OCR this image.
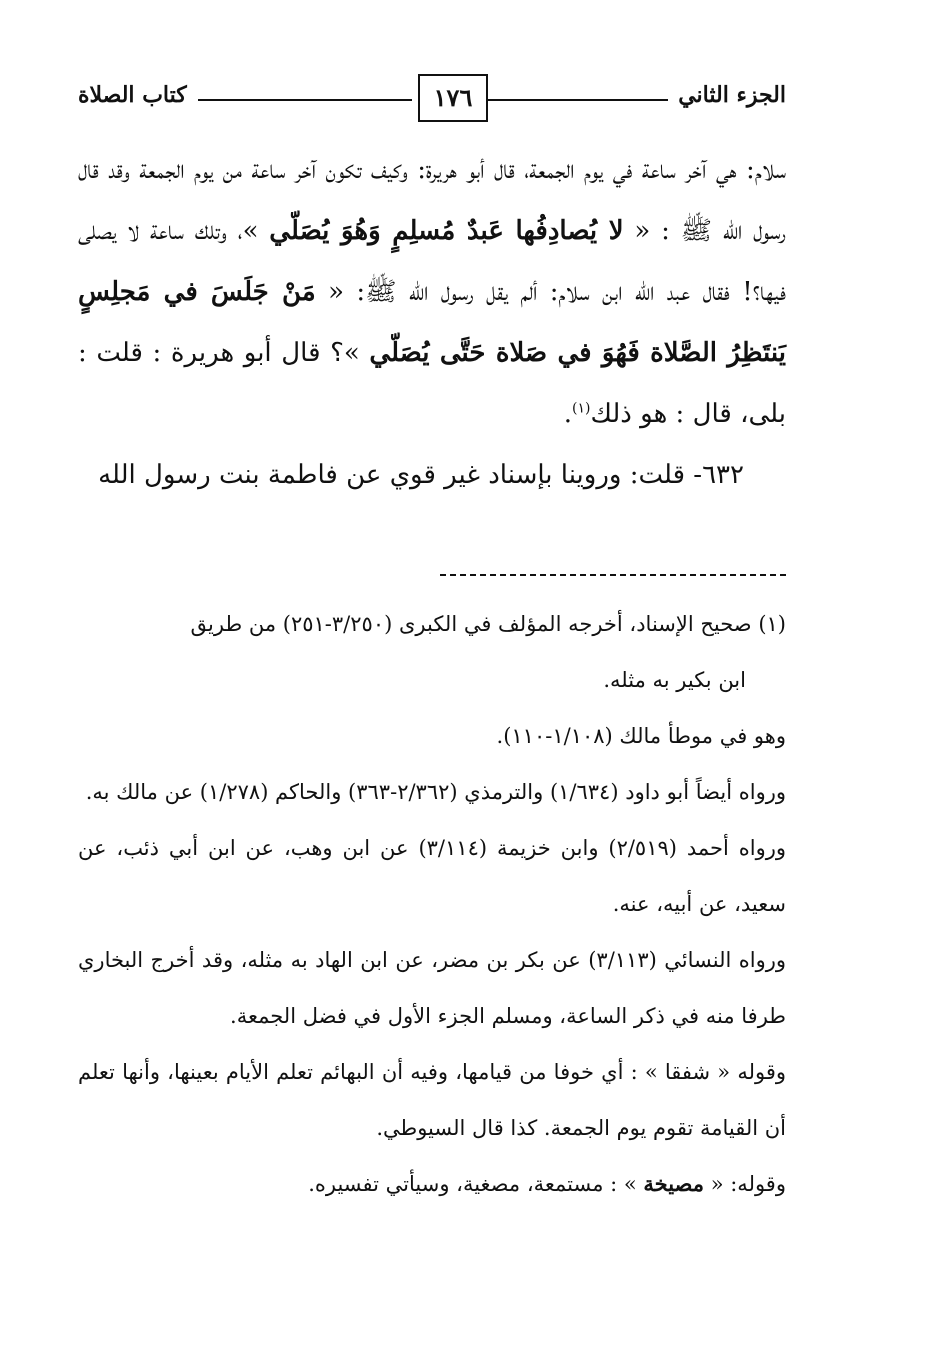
الجزء الثاني
١٧٦
كتاب الصلاة

سلام: هي آخر ساعة في يوم الجمعة، قال أبو هريرة: وكيف تكون آخر ساعة من يوم الجمعة وقد قال رسول الله ﷺ : « لا يُصادِفُها عَبدٌ مُسلِمٍ وَهُوَ يُصَلّي »، وتلك ساعة لا يصلى فيها؟! فقال عبد الله ابن سلام: ألم يقل رسول الله ﷺ: « مَنْ جَلَسَ في مَجلِسٍ يَنتَظِرُ الصَّلاة فَهُوَ في صَلاة حَتَّى يُصَلّي »؟ قال أبو هريرة : قلت : بلى، قال : هو ذلك$^{(١)}$.

٦٣٢- قلت: وروينا بإسناد غير قوي عن فاطمة بنت رسول الله

(١) صحيح الإسناد، أخرجه المؤلف في الكبرى (٣/٢٥٠-٢٥١) من طريق

ابن بكير به مثله.

وهو في موطأ مالك (١/١٠٨-١١٠).

ورواه أيضاً أبو داود (١/٦٣٤) والترمذي (٢/٣٦٢-٣٦٣) والحاكم (١/٢٧٨) عن مالك به.

ورواه أحمد (٢/٥١٩) وابن خزيمة (٣/١١٤) عن ابن وهب، عن ابن أبي ذئب، عن سعيد، عن أبيه، عنه.

ورواه النسائي (٣/١١٣) عن بكر بن مضر، عن ابن الهاد به مثله، وقد أخرج البخاري طرفا منه في ذكر الساعة، ومسلم الجزء الأول في فضل الجمعة.

وقوله « شفقا » : أي خوفا من قيامها، وفيه أن البهائم تعلم الأيام بعينها، وأنها تعلم أن القيامة تقوم يوم الجمعة. كذا قال السيوطي.

وقوله: « مصيخة » : مستمعة، مصغية، وسيأتي تفسيره.
